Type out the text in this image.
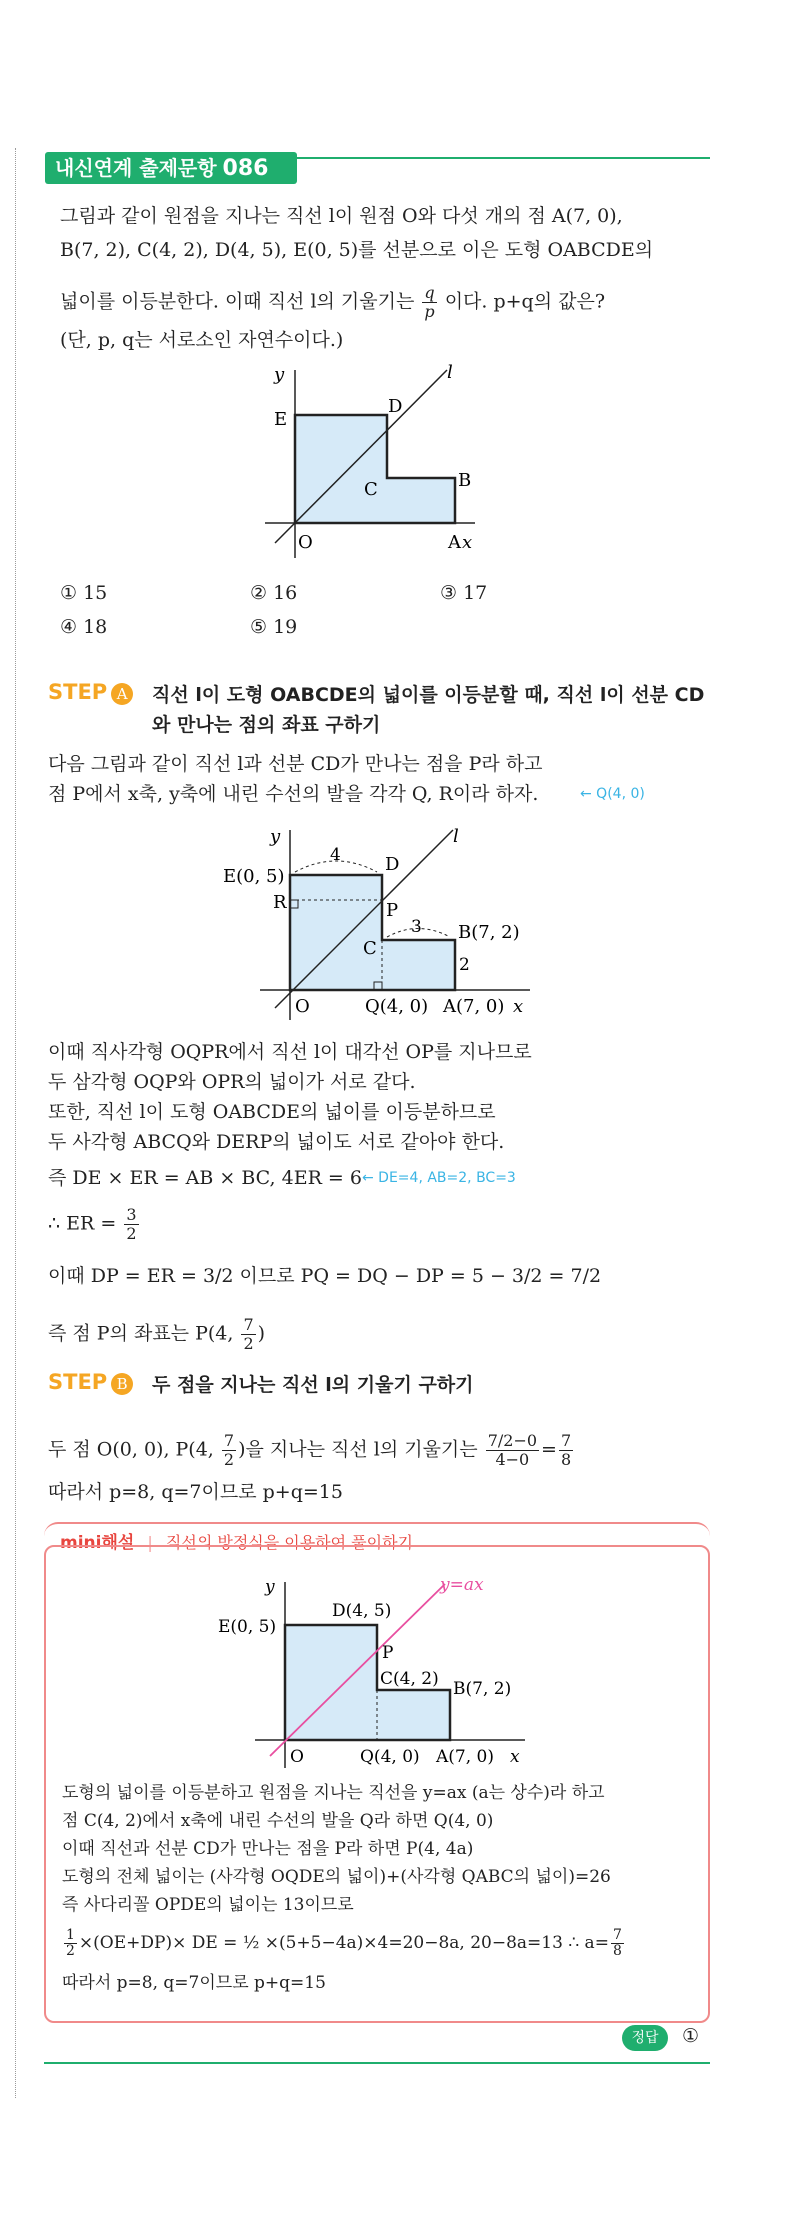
내신연계 출제문항 086
그림과 같이 원점을 지나는 직선 l이 원점 O와 다섯 개의 점 A(7, 0),
B(7, 2), C(4, 2), D(4, 5), E(0, 5)를 선분으로 이은 도형 OABCDE의
넓이를 이등분한다. 이때 직선 l의 기울기는 $\frac{q}{p}$ 이다. p+q의 값은?
(단, p, q는 서로소인 자연수이다.)
y	l
E
D
C	B
O	A x
① 15	② 16	③ 17
④ 18	⑤ 19
STEP A 직선 l이 도형 OABCDE의 넓이를 이등분할 때, 직선 l이 선분 CD
와 만나는 점의 좌표 구하기
다음 그림과 같이 직선 l과 선분 CD가 만나는 점을 P라 하고
점 P에서 x축, y축에 내린 수선의 발을 각각 Q, R이라 하자.	← Q(4, 0)
y	l
E(0, 5)
4 D
R	P
C
3 B(7, 2)
2
O	Q(4, 0) A(7, 0) x
이때 직사각형 OQPR에서 직선 l이 대각선 OP를 지나므로
두 삼각형 OQP와 OPR의 넓이가 서로 같다.
또한, 직선 l이 도형 OABCDE의 넓이를 이등분하므로
두 사각형 ABCQ와 DERP의 넓이도 서로 같아야 한다.
즉 DE × ER = AB × BC, 4ER = 6 ← DE=4, AB=2, BC=3
∴ ER = $\frac{3}{2}$
이때 DP = ER = 3/2 이므로 PQ = DQ − DP = 5 − 3/2 = 7/2
즉 점 P의 좌표는 P(4, $\frac{7}{2}$ )
STEP B 두 점을 지나는 직선 l의 기울기 구하기
두 점 O(0, 0), P(4, $\frac{7}{2}$ )을 지나는 직선 l의 기울기는 $\frac{7/2-0}{4-0} = \frac{7}{8}$
따라서 p=8, q=7이므로 p+q=15
mini해설 | 직선의 방정식을 이용하여 풀이하기
y	y=ax
E(0, 5)
D(4, 5)
P
C(4, 2) B(7, 2)
O	Q(4, 0) A(7, 0) x
도형의 넓이를 이등분하고 원점을 지나는 직선을 y=ax (a는 상수)라 하고
점 C(4, 2)에서 x축에 내린 수선의 발을 Q라 하면 Q(4, 0)
이때 직선과 선분 CD가 만나는 점을 P라 하면 P(4, 4a)
도형의 전체 넓이는 (사각형 OQDE의 넓이)+(사각형 QABC의 넓이)=26
즉 사다리꼴 OPDE의 넓이는 13이므로
$\frac{1}{2} \times(OE+DP)\times$ DE = ½ ×(5+5−4a)×4=20−8a, 20−8a=13 ∴ $a= \frac{7}{8}$
따라서 p=8, q=7이므로 p+q=15
정답	①
